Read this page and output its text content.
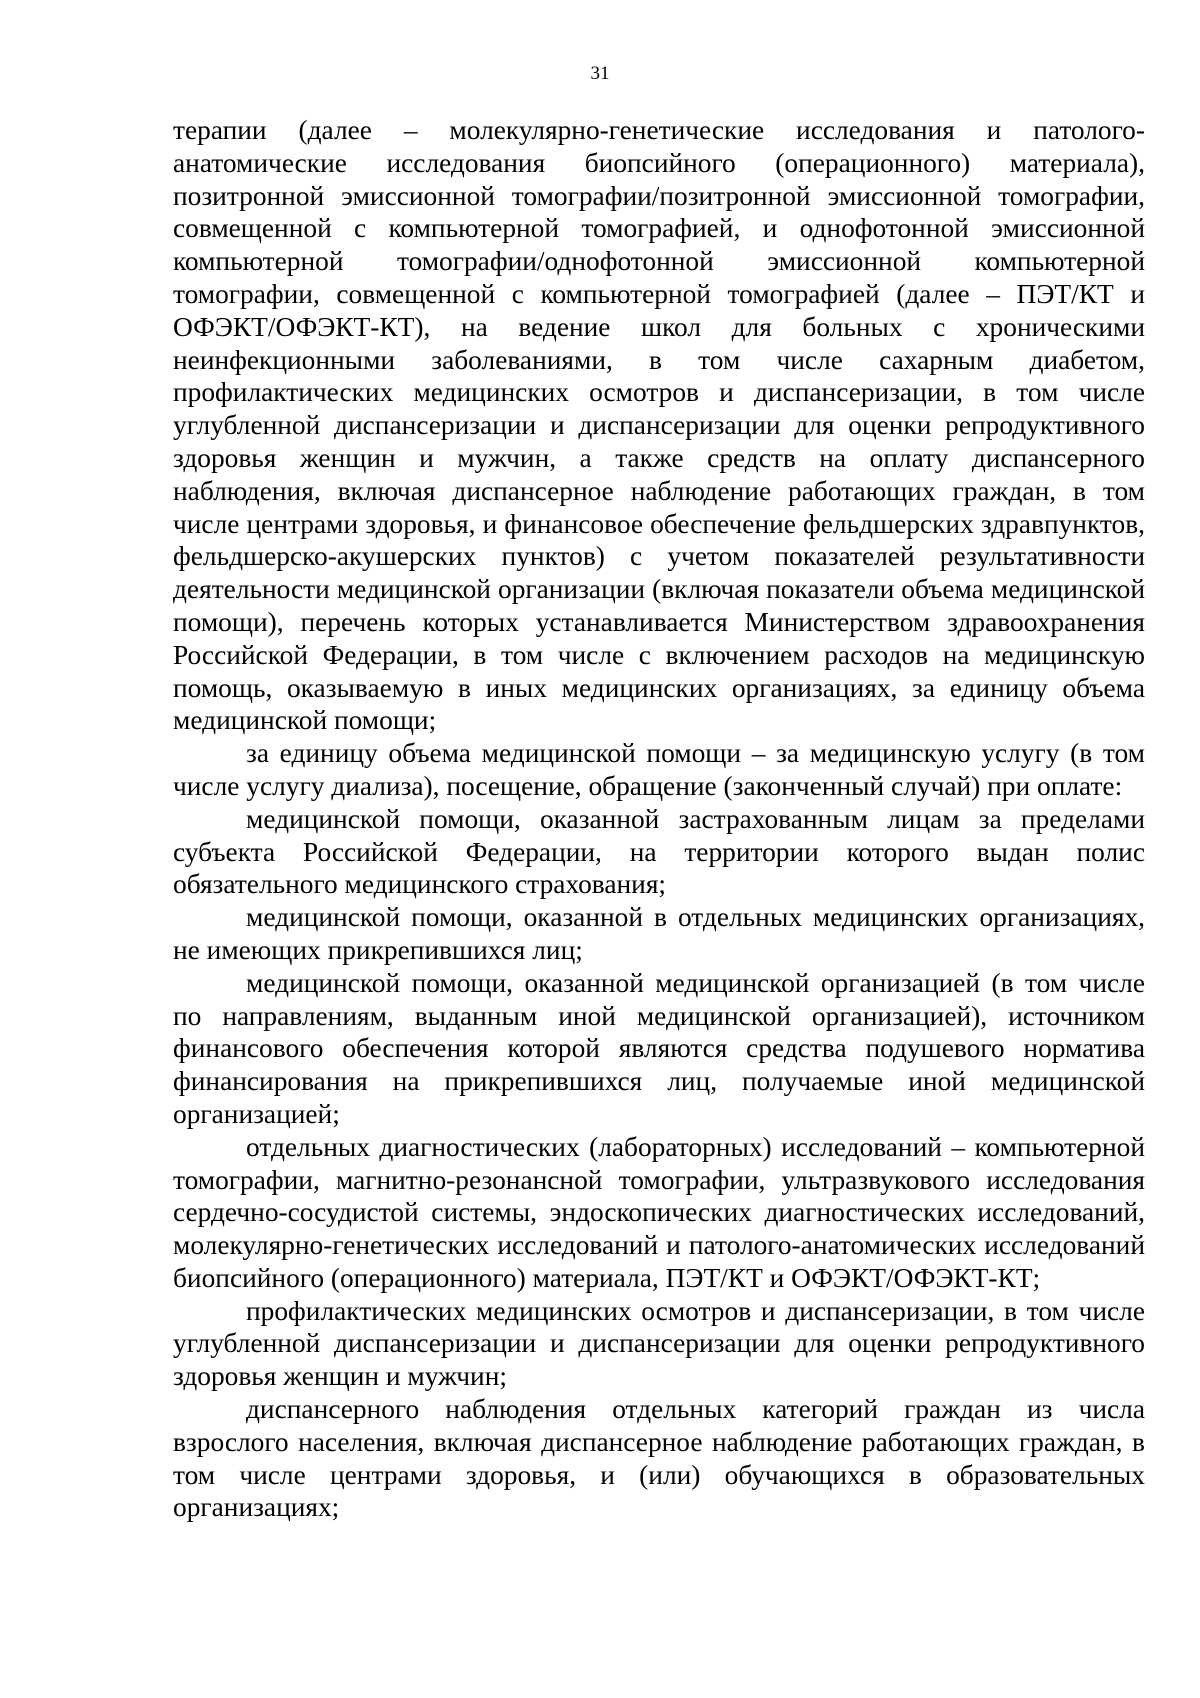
31

терапии (далее – молекулярно-генетические исследования и патолого-анатомические исследования биопсийного (операционного) материала), позитронной эмиссионной томографии/позитронной эмиссионной томографии, совмещенной с компьютерной томографией, и однофотонной эмиссионной компьютерной томографии/однофотонной эмиссионной компьютерной томографии, совмещенной с компьютерной томографией (далее – ПЭТ/КТ и ОФЭКТ/ОФЭКТ-КТ), на ведение школ для больных с хроническими неинфекционными заболеваниями, в том числе сахарным диабетом, профилактических медицинских осмотров и диспансеризации, в том числе углубленной диспансеризации и диспансеризации для оценки репродуктивного здоровья женщин и мужчин, а также средств на оплату диспансерного наблюдения, включая диспансерное наблюдение работающих граждан, в том числе центрами здоровья, и финансовое обеспечение фельдшерских здравпунктов, фельдшерско-акушерских пунктов) с учетом показателей результативности деятельности медицинской организации (включая показатели объема медицинской помощи), перечень которых устанавливается Министерством здравоохранения Российской Федерации, в том числе с включением расходов на медицинскую помощь, оказываемую в иных медицинских организациях, за единицу объема медицинской помощи;

за единицу объема медицинской помощи – за медицинскую услугу (в том числе услугу диализа), посещение, обращение (законченный случай) при оплате:

медицинской помощи, оказанной застрахованным лицам за пределами субъекта Российской Федерации, на территории которого выдан полис обязательного медицинского страхования;

медицинской помощи, оказанной в отдельных медицинских организациях, не имеющих прикрепившихся лиц;

медицинской помощи, оказанной медицинской организацией (в том числе по направлениям, выданным иной медицинской организацией), источником финансового обеспечения которой являются средства подушевого норматива финансирования на прикрепившихся лиц, получаемые иной медицинской организацией;

отдельных диагностических (лабораторных) исследований – компьютерной томографии, магнитно-резонансной томографии, ультразвукового исследования сердечно-сосудистой системы, эндоскопических диагностических исследований, молекулярно-генетических исследований и патолого-анатомических исследований биопсийного (операционного) материала, ПЭТ/КТ и ОФЭКТ/ОФЭКТ-КТ;

профилактических медицинских осмотров и диспансеризации, в том числе углубленной диспансеризации и диспансеризации для оценки репродуктивного здоровья женщин и мужчин;

диспансерного наблюдения отдельных категорий граждан из числа взрослого населения, включая диспансерное наблюдение работающих граждан, в том числе центрами здоровья, и (или) обучающихся в образовательных организациях;
